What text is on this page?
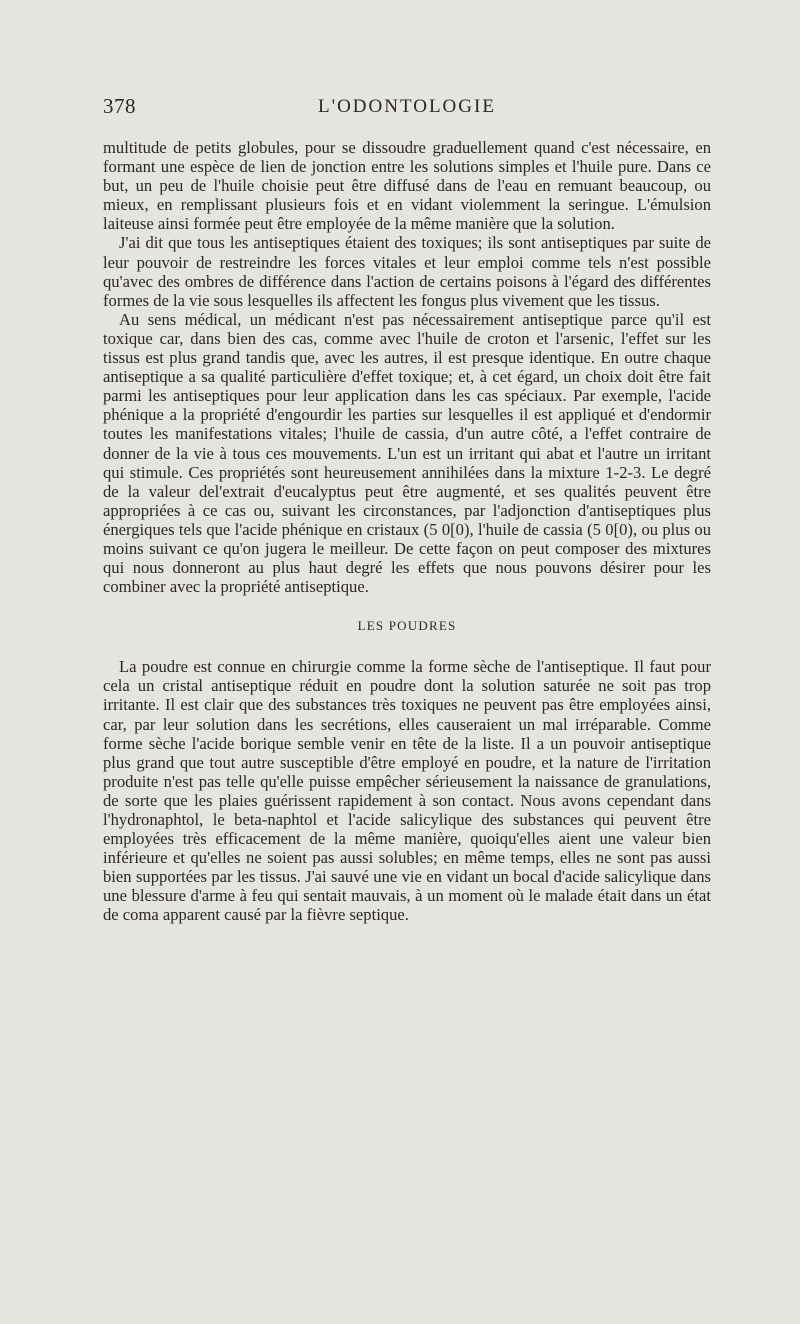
378	L'ODONTOLOGIE

multitude de petits globules, pour se dissoudre graduellement quand c'est nécessaire, en formant une espèce de lien de jonction entre les solutions simples et l'huile pure. Dans ce but, un peu de l'huile choisie peut être diffusé dans de l'eau en remuant beaucoup, ou mieux, en remplissant plusieurs fois et en vidant violemment la seringue. L'émulsion laiteuse ainsi formée peut être employée de la même manière que la solution.

J'ai dit que tous les antiseptiques étaient des toxiques; ils sont antiseptiques par suite de leur pouvoir de restreindre les forces vitales et leur emploi comme tels n'est possible qu'avec des ombres de différence dans l'action de certains poisons à l'égard des différentes formes de la vie sous lesquelles ils affectent les fongus plus vivement que les tissus.

Au sens médical, un médicant n'est pas nécessairement antiseptique parce qu'il est toxique car, dans bien des cas, comme avec l'huile de croton et l'arsenic, l'effet sur les tissus est plus grand tandis que, avec les autres, il est presque identique. En outre chaque antiseptique a sa qualité particulière d'effet toxique; et, à cet égard, un choix doit être fait parmi les antiseptiques pour leur application dans les cas spéciaux. Par exemple, l'acide phénique a la propriété d'engourdir les parties sur lesquelles il est appliqué et d'endormir toutes les manifestations vitales; l'huile de cassia, d'un autre côté, a l'effet contraire de donner de la vie à tous ces mouvements. L'un est un irritant qui abat et l'autre un irritant qui stimule. Ces propriétés sont heureusement annihilées dans la mixture 1-2-3. Le degré de la valeur del'extrait d'eucalyptus peut être augmenté, et ses qualités peuvent être appropriées à ce cas ou, suivant les circonstances, par l'adjonction d'antiseptiques plus énergiques tels que l'acide phénique en cristaux (5 0[0), l'huile de cassia (5 0[0), ou plus ou moins suivant ce qu'on jugera le meilleur. De cette façon on peut composer des mixtures qui nous donneront au plus haut degré les effets que nous pouvons désirer pour les combiner avec la propriété antiseptique.

LES POUDRES

La poudre est connue en chirurgie comme la forme sèche de l'antiseptique. Il faut pour cela un cristal antiseptique réduit en poudre dont la solution saturée ne soit pas trop irritante. Il est clair que des substances très toxiques ne peuvent pas être employées ainsi, car, par leur solution dans les secrétions, elles causeraient un mal irréparable. Comme forme sèche l'acide borique semble venir en tête de la liste. Il a un pouvoir antiseptique plus grand que tout autre susceptible d'être employé en poudre, et la nature de l'irritation produite n'est pas telle qu'elle puisse empêcher sérieusement la naissance de granulations, de sorte que les plaies guérissent rapidement à son contact. Nous avons cependant dans l'hydronaphtol, le beta-naphtol et l'acide salicylique des substances qui peuvent être employées très efficacement de la même manière, quoiqu'elles aient une valeur bien inférieure et qu'elles ne soient pas aussi solubles; en même temps, elles ne sont pas aussi bien supportées par les tissus. J'ai sauvé une vie en vidant un bocal d'acide salicylique dans une blessure d'arme à feu qui sentait mauvais, à un moment où le malade était dans un état de coma apparent causé par la fièvre septique.
